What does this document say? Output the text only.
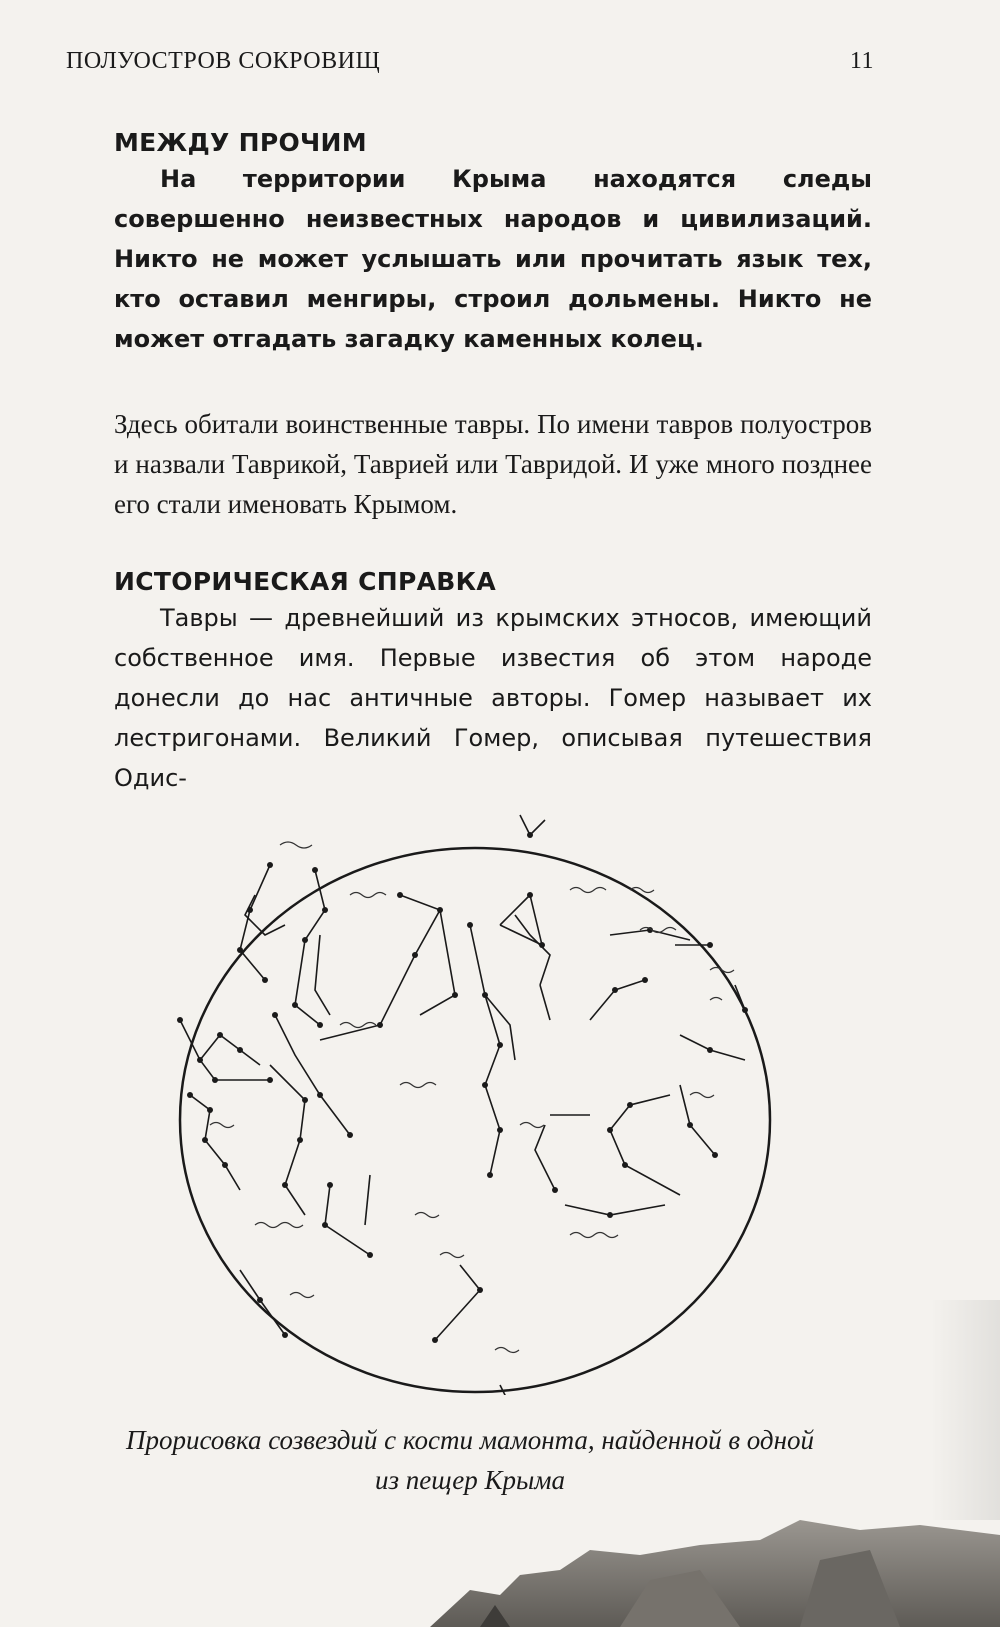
ПОЛУОСТРОВ СОКРОВИЩ	11
МЕЖДУ ПРОЧИМ

На территории Крыма находятся следы совершенно неизвестных народов и цивилизаций. Никто не может услышать или прочитать язык тех, кто оставил менгиры, строил дольмены. Никто не может отгадать загадку каменных колец.

Здесь обитали воинственные тавры. По имени тавров полуостров и назвали Таврикой, Таврией или Тавридой. И уже много позднее его стали именовать Крымом.

ИСТОРИЧЕСКАЯ СПРАВКА

Тавры — древнейший из крымских этносов, имеющий собственное имя. Первые известия об этом народе донесли до нас античные авторы. Гомер называет их лестригонами. Великий Гомер, описывая путешествия Одис-

Прорисовка созвездий с кости мамонта, найденной в одной
из пещер Крыма
